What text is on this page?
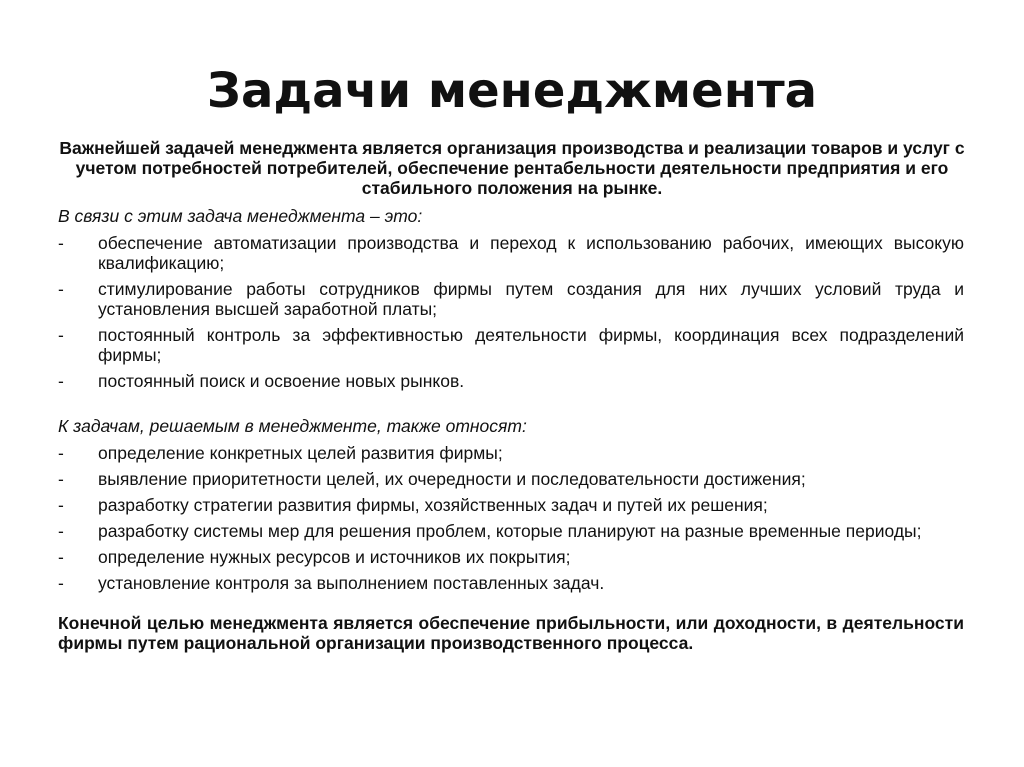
Задачи менеджмента

Важнейшей задачей менеджмента является организация производства и реализации товаров и услуг с учетом потребностей потребителей, обеспечение рентабельности деятельности предприятия и его стабильного положения на рынке.

В связи с этим задача менеджмента – это:

- обеспечение автоматизации производства и переход к использованию рабочих, имеющих высокую квалификацию;
- стимулирование работы сотрудников фирмы путем создания для них лучших условий труда и установления высшей заработной платы;
- постоянный контроль за эффективностью деятельности фирмы, координация всех подразделений фирмы;
- постоянный поиск и освоение новых рынков.

К задачам, решаемым в менеджменте, также относят:

- определение конкретных целей развития фирмы;
- выявление приоритетности целей, их очередности и последовательности достижения;
- разработку стратегии развития фирмы, хозяйственных задач и путей их решения;
- разработку системы мер для решения проблем, которые планируют на разные временные периоды;
- определение нужных ресурсов и источников их покрытия;
- установление контроля за выполнением поставленных задач.

Конечной целью менеджмента является обеспечение прибыльности, или доходности, в деятельности фирмы путем рациональной организации производственного процесса.
